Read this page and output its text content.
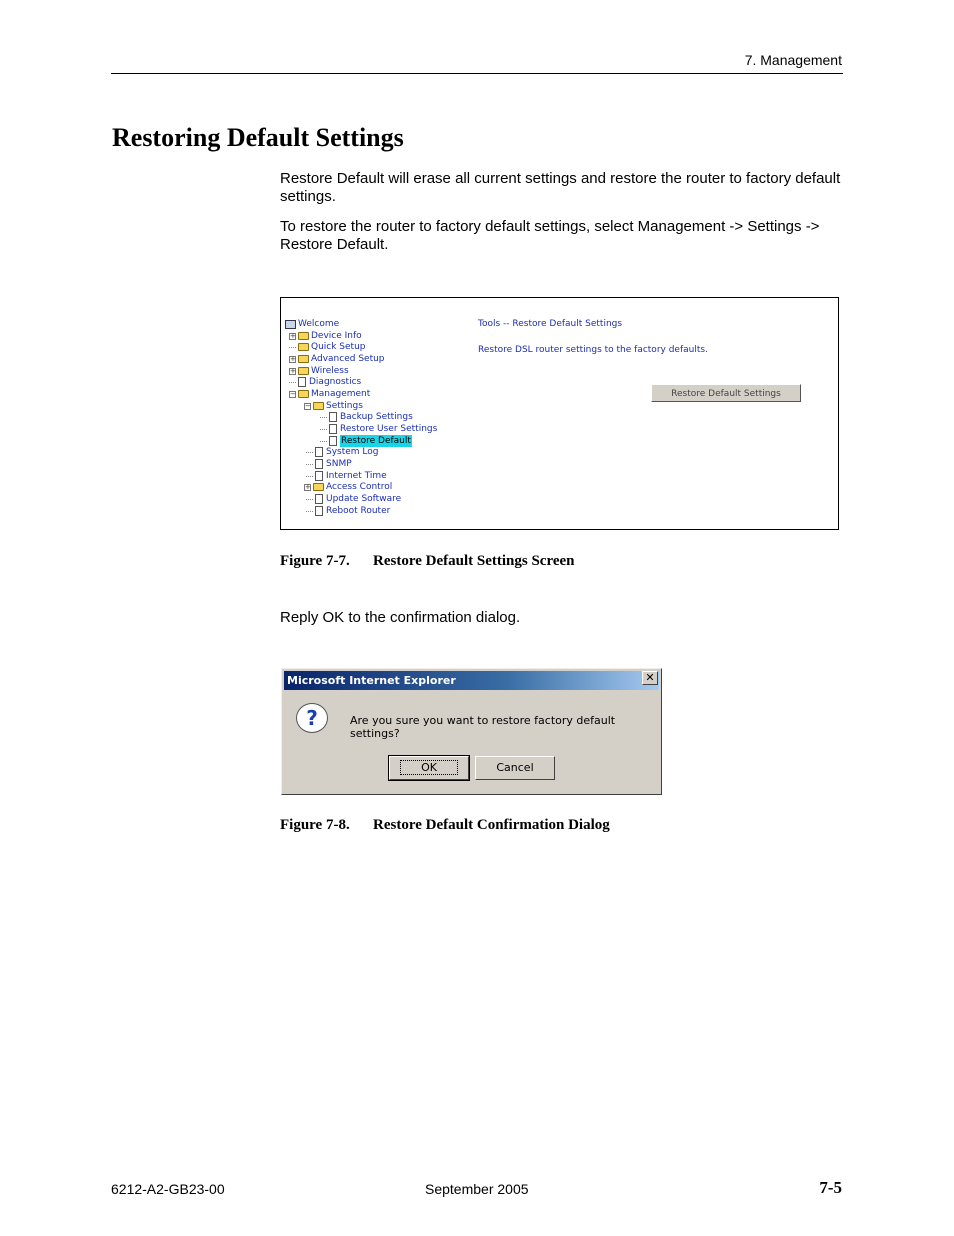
7. Management
Restoring Default Settings
Restore Default will erase all current settings and restore the router to factory default settings.
To restore the router to factory default settings, select Management -> Settings -> Restore Default.
Welcome
+ Device Info
Quick Setup
+ Advanced Setup
+ Wireless
Diagnostics
− Management
− Settings
Backup Settings
Restore User Settings
Restore Default
System Log
SNMP
Internet Time
+ Access Control
Update Software
Reboot Router
Tools -- Restore Default Settings
Restore DSL router settings to the factory defaults.
Restore Default Settings
Figure 7-7. Restore Default Settings Screen
Reply OK to the confirmation dialog.
Microsoft Internet Explorer	✕
?	Are you sure you want to restore factory default settings?
OK	Cancel
Figure 7-8. Restore Default Confirmation Dialog
6212-A2-GB23-00	September 2005	7-5
